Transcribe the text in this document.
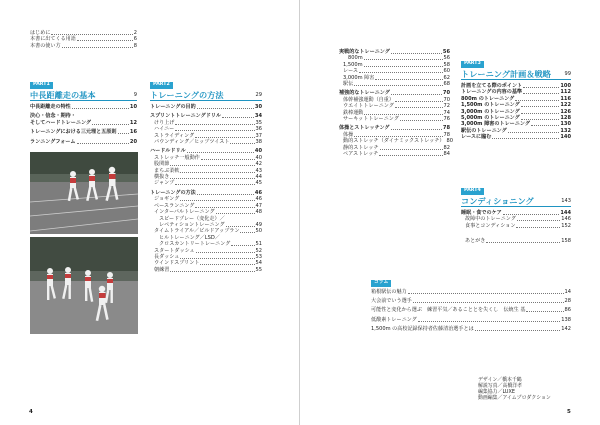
はじめに	2
本書に出てくる用語	6
本書の使い方	8
PART1
中長距離走の基本	9
中長距離走の特性	10
決心・信念・期待・
そしてハードトレーニング	12
トレーニングにおける三元理と五原則	16
ランニングフォーム	20
PART2
トレーニングの方法	29
トレーニングの目的	30
スプリントトレーニングドリル	34
けり上げ	35
ハイニー	36
ストライディング	37
バウンディング／ヒップツイスト	38
ハードルドリル	40
ストレッチ一般動作	40
股関節	42
まちぶ柔軟	43
横抜き	44
ジャンプ	45
トレーニングの方法	46
ジョギング	46
ペースランニング	47
インターバルトレーニング	48
スピードプレー（変化走）／
レペティショントレーニング	49
タイムトライアル／ビルドアップラン	50
ヒルトレーニング／LSD／
クロスカントリートレーニング	51
スタートダッシュ	52
長ダッシュ	53
ウインドスプリント	54
朝練習	55
実戦的なトレーニング	56
800m	56
1,500m	58
レース	60
3,000m 障害	62
駅伝	68
補強的なトレーニング	70
体幹補強運動（自重）	70
ウエイトトレーニング	72
鉄棒運動	74
サーキットトレーニング	76
体操とストレッチング	78
体操	78
動的ストレッチ（ダイナミックストレッチ） 80
静的ストレッチ	82
ペアストレッチ	84
PART3
トレーニング計画＆戦略	99
計画を立てる際のポイント	100
トレーニングの内容の基準	112
800m のトレーニング	116
1,500m のトレーニング	122
3,000m のトレーニング	126
5,000m のトレーニング	128
3,000m 障害のトレーニング	130
駅伝のトレーニング	132
レースに臨む	140
PART4
コンディショニング	143
睡眠・食でのケア	144
故障中のトレーニング	146
食事とコンディション	152
あとがき	158
コラム
箱根駅伝の魅力	14
大会前でいう選手	28
可能性と変化から選ぶ　練習平気／あることとを失くし　伝統生 基	86
低酸素トレーニング	138
1,500m の高校記録保持者佐藤清治選手とは	142
デザイン／橋本千鶴
解説写真／高橋洋孝
編集協力／LUXE
動画編集／アイムプロダクション
4	5
